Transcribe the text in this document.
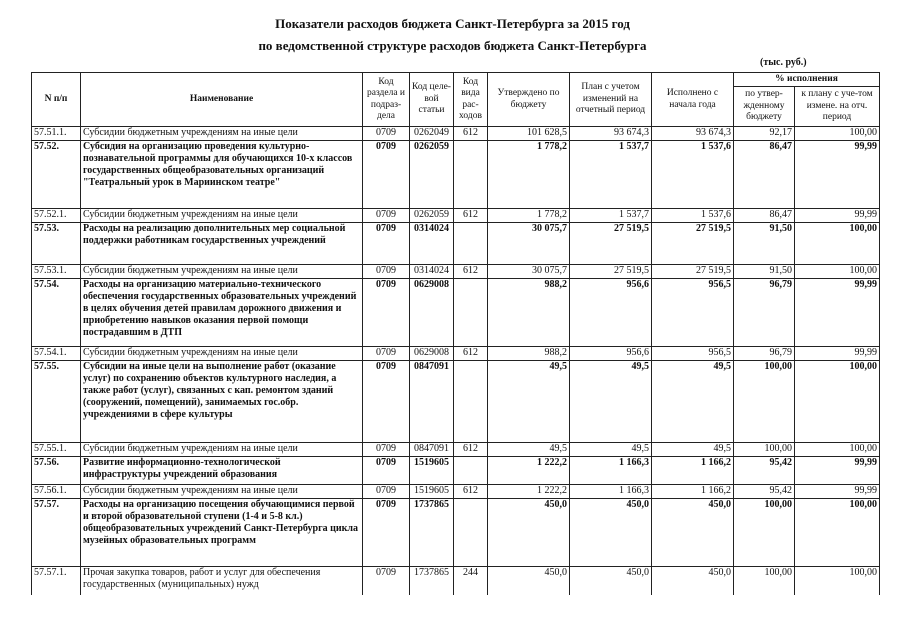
Показатели расходов бюджета Санкт-Петербурга за 2015 год
по ведомственной структуре расходов бюджета Санкт-Петербурга
(тыс. руб.)
N п/п	Наименование	Код раздела и подраз-дела	Код целе-вой статьи	Код вида рас-ходов	Утверждено по бюджету	План с учетом изменений на отчетный период	Исполнено с начала года	% исполнения	
								по утвер-жденному бюджету	к плану с уче-том измене. на отч. период
57.51.1.	Субсидии бюджетным учреждениям на иные цели	0709	0262049	612	101 628,5	93 674,3	93 674,3	92,17	100,00
57.52.	Субсидия на организацию проведения культурно-познавательной программы для обучающихся 10-х классов государственных общеобразовательных организаций "Театральный урок в Мариинском театре"	0709	0262059		1 778,2	1 537,7	1 537,6	86,47	99,99
57.52.1.	Субсидии бюджетным учреждениям на иные цели	0709	0262059	612	1 778,2	1 537,7	1 537,6	86,47	99,99
57.53.	Расходы на реализацию дополнительных мер социальной поддержки работникам государственных учреждений	0709	0314024		30 075,7	27 519,5	27 519,5	91,50	100,00
57.53.1.	Субсидии бюджетным учреждениям на иные цели	0709	0314024	612	30 075,7	27 519,5	27 519,5	91,50	100,00
57.54.	Расходы на организацию материально-технического обеспечения государственных образовательных учреждений в целях обучения детей правилам дорожного движения и приобретению навыков оказания первой помощи пострадавшим в ДТП	0709	0629008		988,2	956,6	956,5	96,79	99,99
57.54.1.	Субсидии бюджетным учреждениям на иные цели	0709	0629008	612	988,2	956,6	956,5	96,79	99,99
57.55.	Субсидии на иные цели на выполнение работ (оказание услуг) по сохранению объектов культурного наследия, а также работ (услуг), связанных с кап. ремонтом зданий (сооружений, помещений), занимаемых гос.обр. учреждениями в сфере культуры	0709	0847091		49,5	49,5	49,5	100,00	100,00
57.55.1.	Субсидии бюджетным учреждениям на иные цели	0709	0847091	612	49,5	49,5	49,5	100,00	100,00
57.56.	Развитие информационно-технологической инфраструктуры учреждений образования	0709	1519605		1 222,2	1 166,3	1 166,2	95,42	99,99
57.56.1.	Субсидии бюджетным учреждениям на иные цели	0709	1519605	612	1 222,2	1 166,3	1 166,2	95,42	99,99
57.57.	Расходы на организацию посещения обучающимися первой и второй образовательной ступени (1-4 и 5-8 кл.) общеобразовательных учреждений Санкт-Петербурга цикла музейных образовательных программ	0709	1737865		450,0	450,0	450,0	100,00	100,00
57.57.1.	Прочая закупка товаров, работ и услуг для обеспечения государственных (муниципальных) нужд	0709	1737865	244	450,0	450,0	450,0	100,00	100,00
